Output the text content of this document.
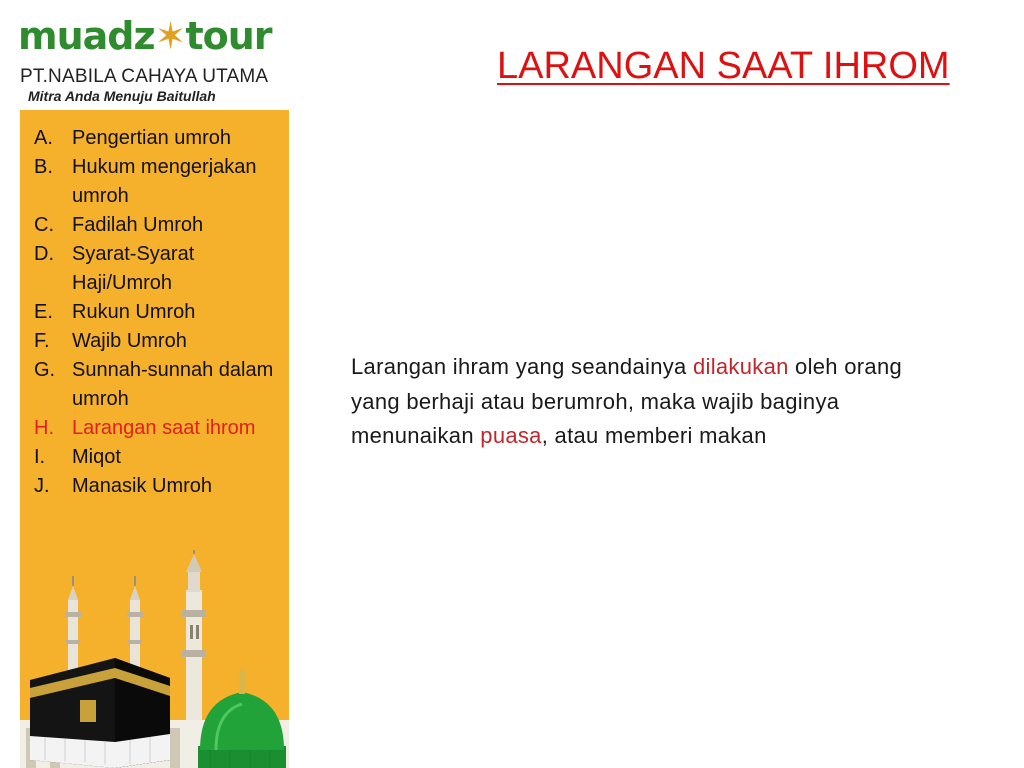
muadz✶tour
PT.NABILA CAHAYA UTAMA
Mitra Anda Menuju Baitullah
A. Pengertian umroh
B. Hukum mengerjakan umroh
C. Fadilah Umroh
D. Syarat-Syarat Haji/Umroh
E. Rukun Umroh
F.	Wajib Umroh
G. Sunnah-sunnah dalam umroh
H. Larangan saat ihrom
I.	Miqot
J.	Manasik Umroh
LARANGAN SAAT IHROM
Larangan ihram yang seandainya dilakukan oleh orang yang berhaji atau berumroh, maka wajib baginya menunaikan puasa, atau memberi makan
